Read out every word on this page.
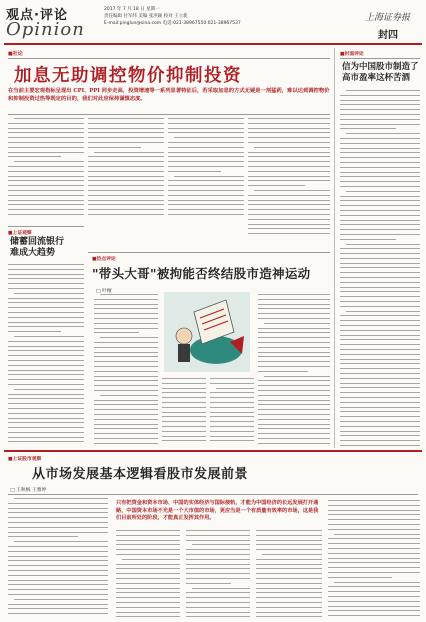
观点·评论
Opinion
2017 年 7 月 18 日 星期一
责任编辑 付军纬 美编 张洪颖 校对 王立新
E-mail:pinglun@sina.com 电话:021-38967550 021-38967537
上海证券报
封四
■社论
加息无助调控物价抑制投资
在当前主要宏观指标呈现出 CPI、PPI 同步走高，投资增速等一系列显著特征后，若采取加息的方式无疑是一剂猛药，难以达到调控物价和抑制投资过热等既定的目的，我们对此应保持谨慎态度。
■上证观察
储蓄回流银行
难成大趋势
■热点评论
"带头大哥"被拘能否终结股市造神运动
□ 叶檀
■封面评论
信为中国股市制造了
高市盈率这杯苦酒
■上证股市观察
从市场发展基本逻辑看股市发展前景
□ 王秋枫 王雅婷
只有把资金和资本市场、中国的实体经济与国际接轨，才能为中国经济的长远发展打开通路，中国资本市场不光是一个大市值的市场，更应当是一个有质量有效率的市场，这是我们目前所处的阶段，才能真正发挥其作用。
